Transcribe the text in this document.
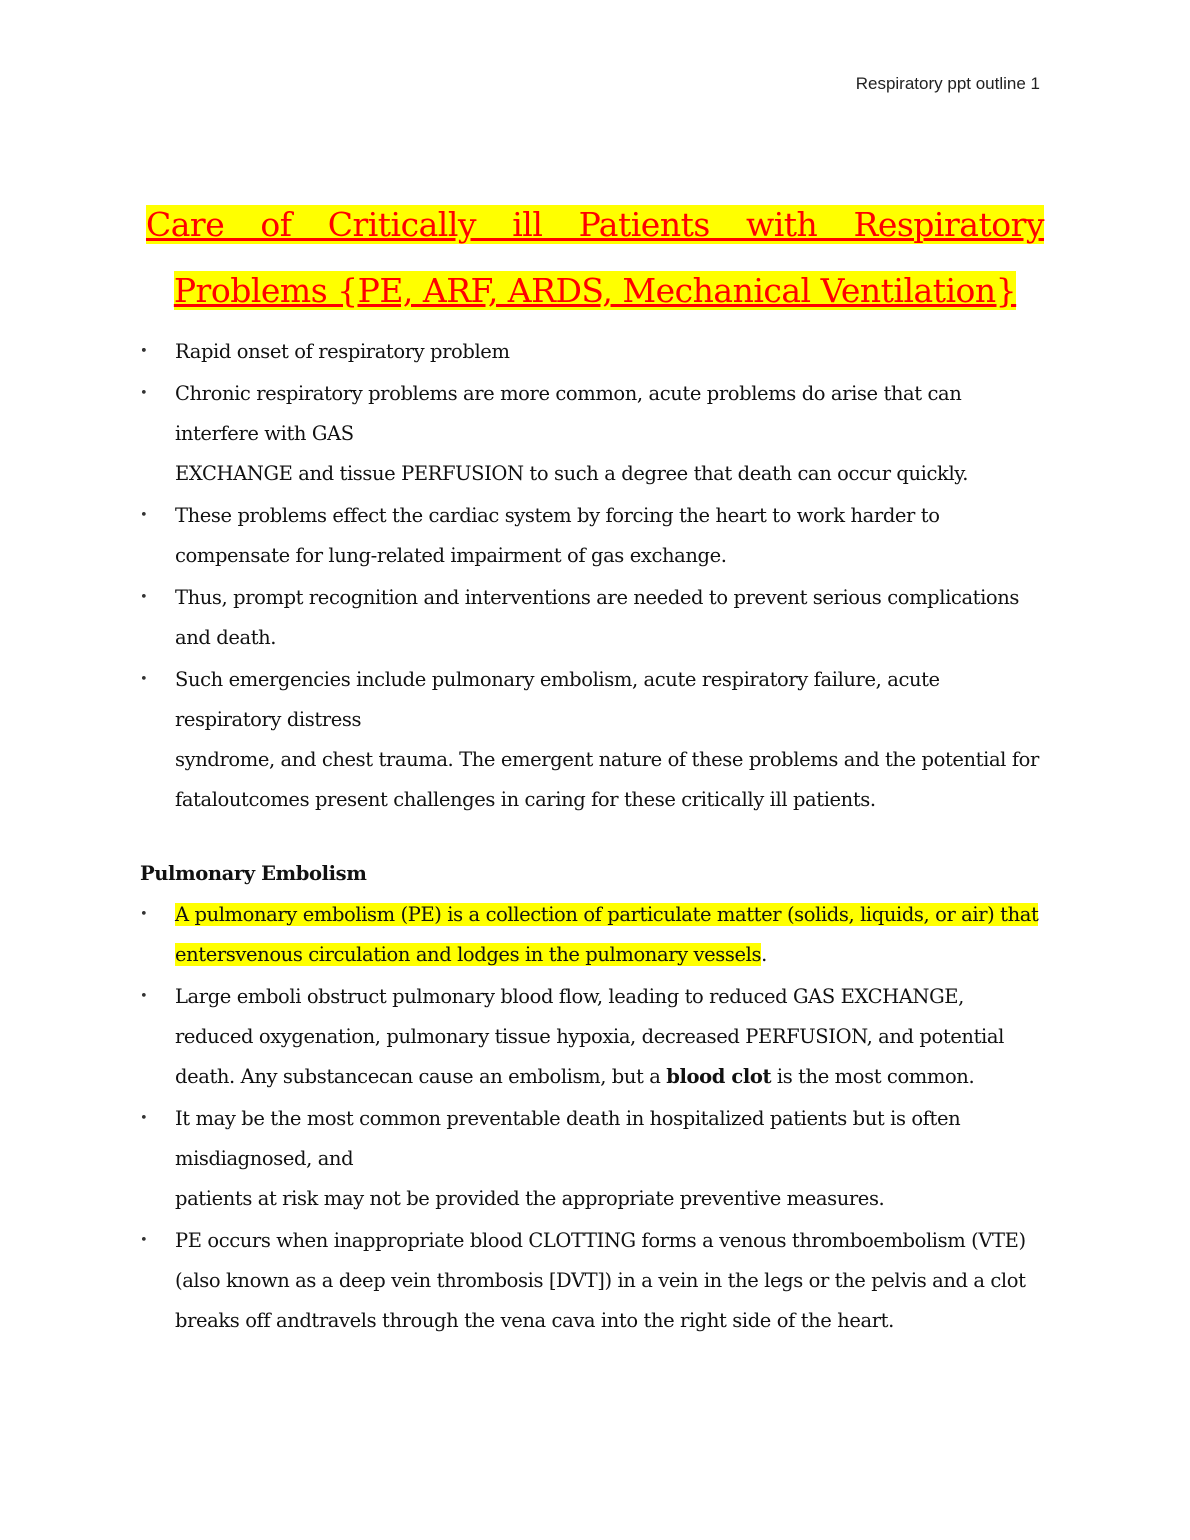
Respiratory ppt outline 1
Care of Critically ill Patients with Respiratory Problems {PE, ARF, ARDS, Mechanical Ventilation}
• Rapid onset of respiratory problem
• Chronic respiratory problems are more common, acute problems do arise that can interfere with GAS
EXCHANGE and tissue PERFUSION to such a degree that death can occur quickly.
• These problems effect the cardiac system by forcing the heart to work harder to compensate for lung-related impairment of gas exchange.
• Thus, prompt recognition and interventions are needed to prevent serious complications and death.
• Such emergencies include pulmonary embolism, acute respiratory failure, acute respiratory distress
syndrome, and chest trauma. The emergent nature of these problems and the potential for fataloutcomes present challenges in caring for these critically ill patients.
Pulmonary Embolism
• A pulmonary embolism (PE) is a collection of particulate matter (solids, liquids, or air) that entersvenous circulation and lodges in the pulmonary vessels.
• Large emboli obstruct pulmonary blood flow, leading to reduced GAS EXCHANGE, reduced oxygenation, pulmonary tissue hypoxia, decreased PERFUSION, and potential death. Any substancecan cause an embolism, but a blood clot is the most common.
• It may be the most common preventable death in hospitalized patients but is often misdiagnosed, and
patients at risk may not be provided the appropriate preventive measures.
• PE occurs when inappropriate blood CLOTTING forms a venous thromboembolism (VTE) (also known as a deep vein thrombosis [DVT]) in a vein in the legs or the pelvis and a clot breaks off andtravels through the vena cava into the right side of the heart.
